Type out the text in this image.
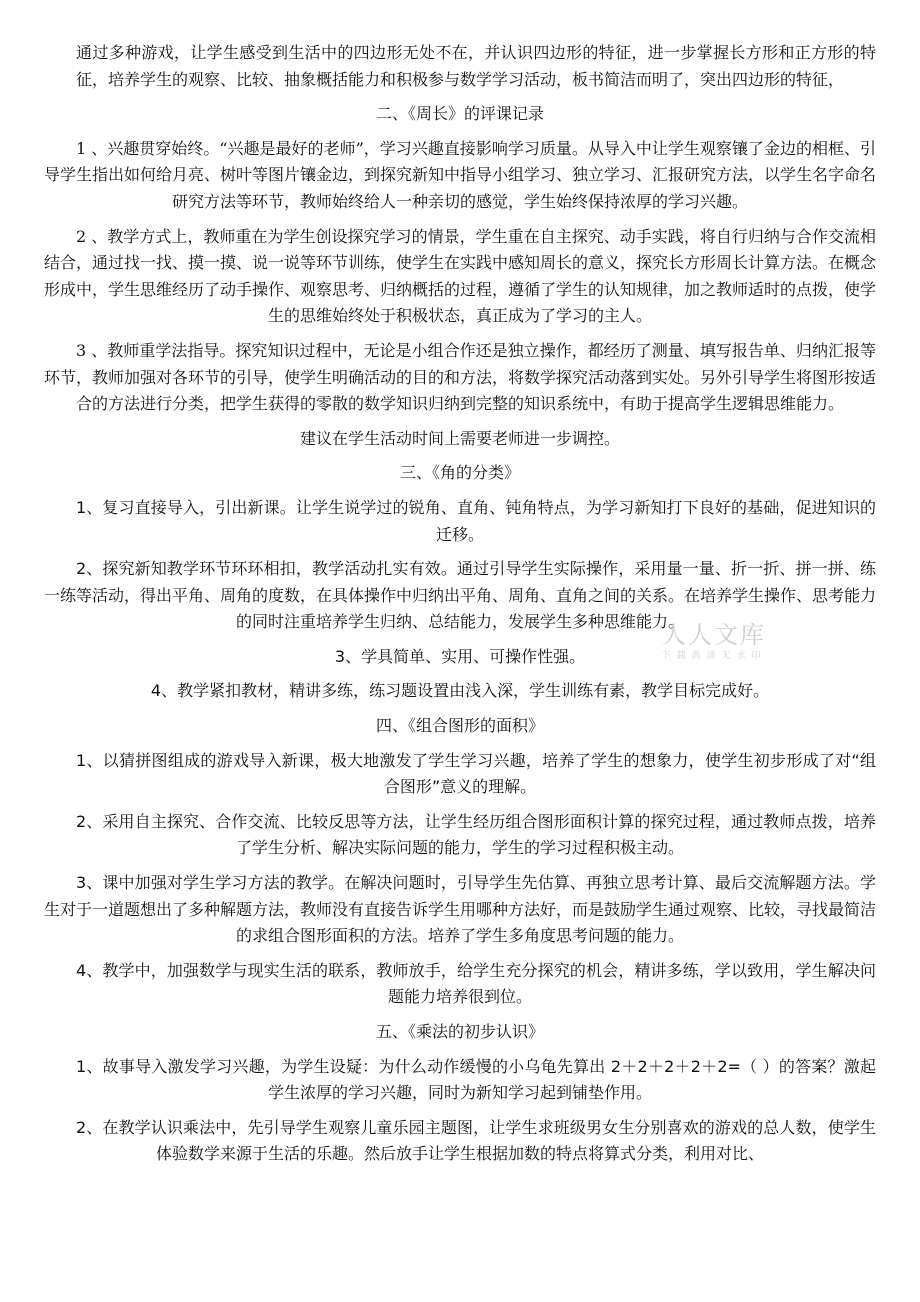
通过多种游戏，让学生感受到生活中的四边形无处不在，并认识四边形的特征，进一步掌握长方形和正方形的特征，培养学生的观察、比较、抽象概括能力和积极参与数学学习活动，板书简洁而明了，突出四边形的特征，

二、《周长》的评课记录

1 、兴趣贯穿始终。“兴趣是最好的老师”，学习兴趣直接影响学习质量。从导入中让学生观察镶了金边的相框、引导学生指出如何给月亮、树叶等图片镶金边，到探究新知中指导小组学习、独立学习、汇报研究方法，以学生名字命名研究方法等环节，教师始终给人一种亲切的感觉，学生始终保持浓厚的学习兴趣。

2 、教学方式上，教师重在为学生创设探究学习的情景，学生重在自主探究、动手实践，将自行归纳与合作交流相结合，通过找一找、摸一摸、说一说等环节训练，使学生在实践中感知周长的意义，探究长方形周长计算方法。在概念形成中，学生思维经历了动手操作、观察思考、归纳概括的过程，遵循了学生的认知规律，加之教师适时的点拨，使学生的思维始终处于积极状态，真正成为了学习的主人。

3 、教师重学法指导。探究知识过程中，无论是小组合作还是独立操作，都经历了测量、填写报告单、归纳汇报等环节，教师加强对各环节的引导，使学生明确活动的目的和方法，将数学探究活动落到实处。另外引导学生将图形按适合的方法进行分类，把学生获得的零散的数学知识归纳到完整的知识系统中，有助于提高学生逻辑思维能力。

建议在学生活动时间上需要老师进一步调控。

三、《角的分类》

1、复习直接导入，引出新课。让学生说学过的锐角、直角、钝角特点，为学习新知打下良好的基础，促进知识的迁移。

2、探究新知教学环节环环相扣，教学活动扎实有效。通过引导学生实际操作，采用量一量、折一折、拼一拼、练一练等活动，得出平角、周角的度数，在具体操作中归纳出平角、周角、直角之间的关系。在培养学生操作、思考能力的同时注重培养学生归纳、总结能力，发展学生多种思维能力。

3、学具简单、实用、可操作性强。

4、教学紧扣教材，精讲多练，练习题设置由浅入深，学生训练有素，教学目标完成好。

四、《组合图形的面积》

1、以猜拼图组成的游戏导入新课，极大地激发了学生学习兴趣，培养了学生的想象力，使学生初步形成了对“组合图形”意义的理解。

2、采用自主探究、合作交流、比较反思等方法，让学生经历组合图形面积计算的探究过程，通过教师点拨，培养了学生分析、解决实际问题的能力，学生的学习过程积极主动。

3、课中加强对学生学习方法的教学。在解决问题时，引导学生先估算、再独立思考计算、最后交流解题方法。学生对于一道题想出了多种解题方法，教师没有直接告诉学生用哪种方法好，而是鼓励学生通过观察、比较，寻找最简洁的求组合图形面积的方法。培养了学生多角度思考问题的能力。

4、教学中，加强数学与现实生活的联系，教师放手，给学生充分探究的机会，精讲多练，学以致用，学生解决问题能力培养很到位。

五、《乘法的初步认识》

1、故事导入激发学习兴趣，为学生设疑：为什么动作缓慢的小乌龟先算出 2＋2＋2＋2＋2=（ ）的答案？激起学生浓厚的学习兴趣，同时为新知学习起到铺垫作用。

2、在教学认识乘法中，先引导学生观察儿童乐园主题图，让学生求班级男女生分别喜欢的游戏的总人数，使学生体验数学来源于生活的乐趣。然后放手让学生根据加数的特点将算式分类，利用对比、

人人文库
下载高清无水印
